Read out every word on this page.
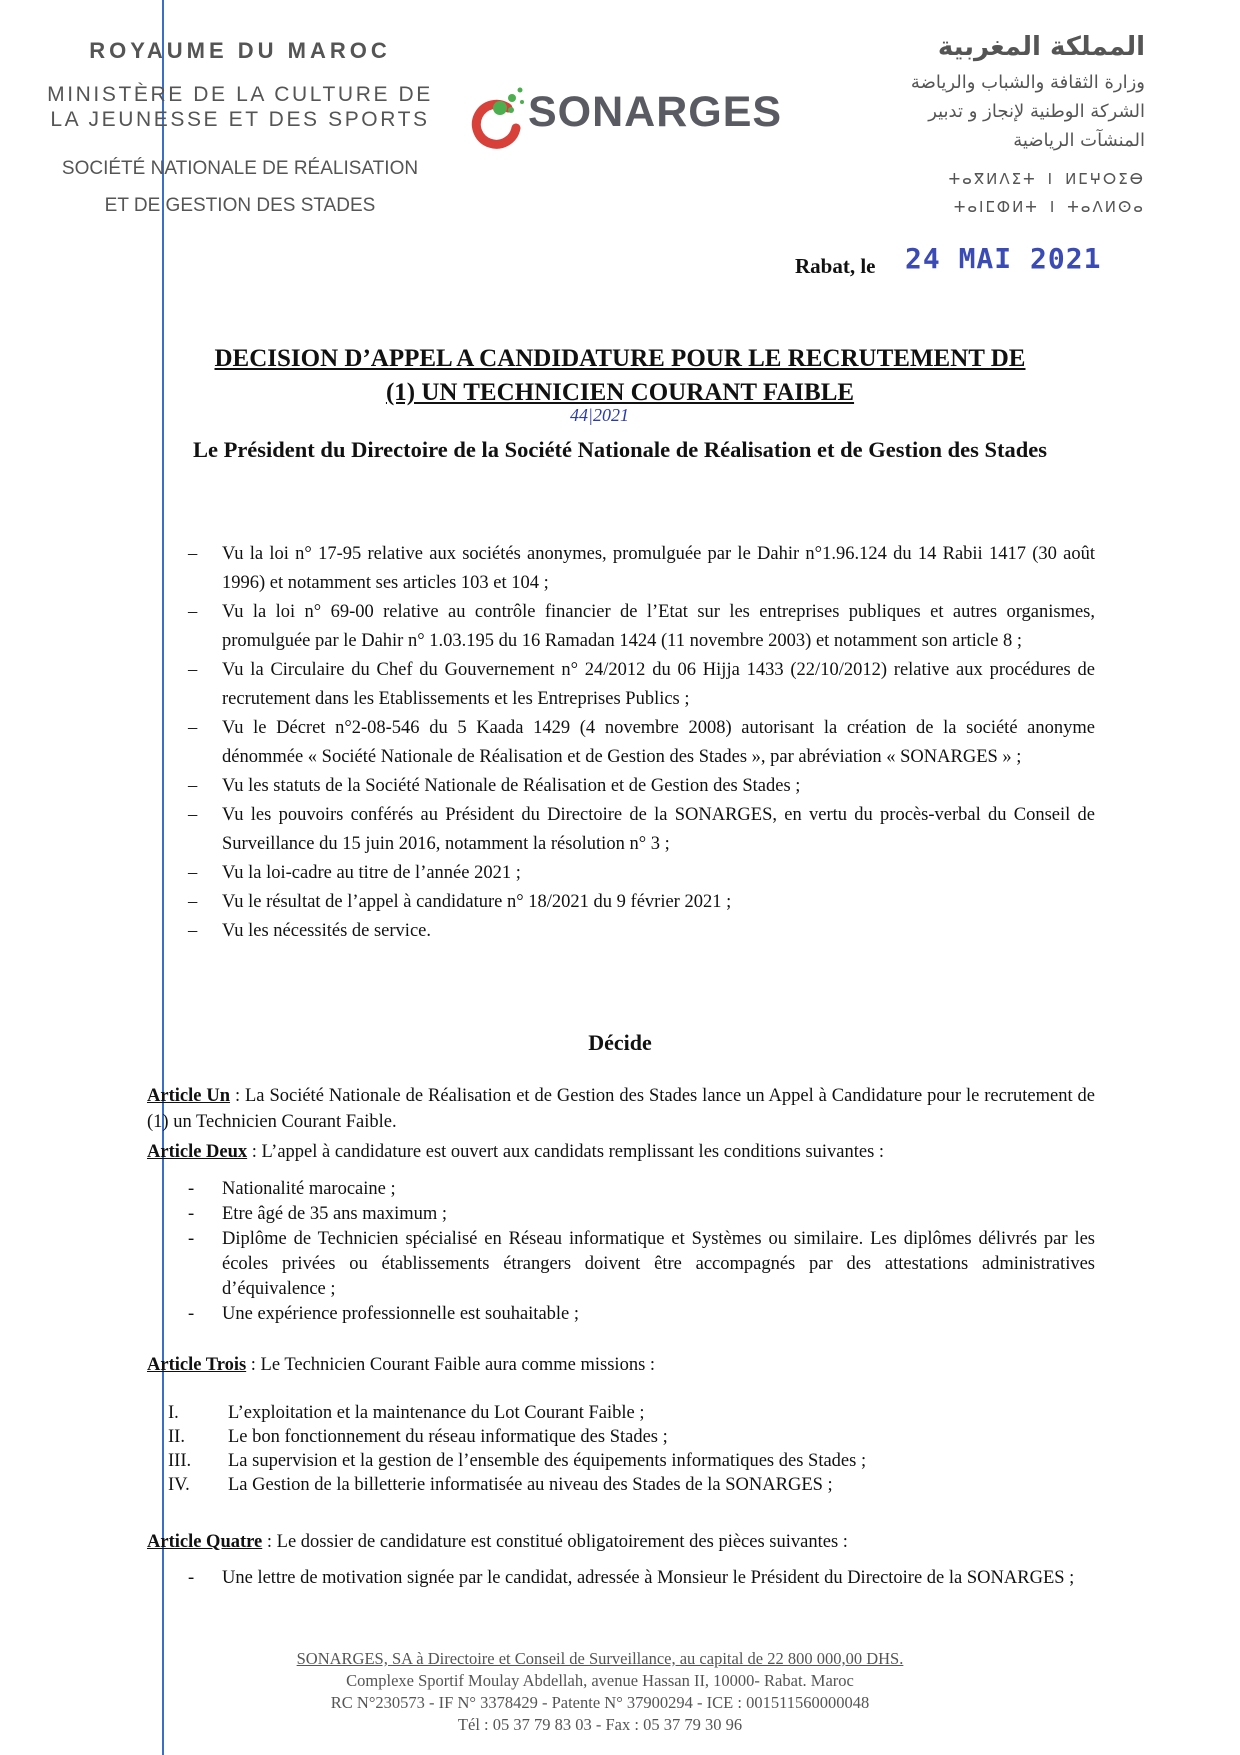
ROYAUME DU MAROC
MINISTÈRE DE LA CULTURE DE
LA JEUNESSE ET DES SPORTS
SOCIÉTÉ NATIONALE DE RÉALISATION
ET DE GESTION DES STADES
SONARGES
المملكة المغربية
وزارة الثقافة والشباب والرياضة
الشركة الوطنية لإنجاز و تدبير
المنشآت الرياضية
ⵜⴰⴳⵍⴷⵉⵜ ⵏ ⵍⵎⵖⵔⵉⴱ
ⵜⴰⵏⵎⵀⵍⵜ ⵏ ⵜⴰⴷⵍⵙⴰ
Rabat, le 24 MAI 2021
DECISION D’APPEL A CANDIDATURE POUR LE RECRUTEMENT DE
(1) UN TECHNICIEN COURANT FAIBLE
44|2021
Le Président du Directoire de la Société Nationale de Réalisation et de Gestion des Stades
– Vu la loi n° 17-95 relative aux sociétés anonymes, promulguée par le Dahir n°1.96.124 du 14 Rabii 1417 (30 août 1996) et notamment ses articles 103 et 104 ;
– Vu la loi n° 69-00 relative au contrôle financier de l’Etat sur les entreprises publiques et autres organismes, promulguée par le Dahir n° 1.03.195 du 16 Ramadan 1424 (11 novembre 2003) et notamment son article 8 ;
– Vu la Circulaire du Chef du Gouvernement n° 24/2012 du 06 Hijja 1433 (22/10/2012) relative aux procédures de recrutement dans les Etablissements et les Entreprises Publics ;
– Vu le Décret n°2-08-546 du 5 Kaada 1429 (4 novembre 2008) autorisant la création de la société anonyme dénommée « Société Nationale de Réalisation et de Gestion des Stades », par abréviation « SONARGES » ;
– Vu les statuts de la Société Nationale de Réalisation et de Gestion des Stades ;
– Vu les pouvoirs conférés au Président du Directoire de la SONARGES, en vertu du procès-verbal du Conseil de Surveillance du 15 juin 2016, notamment la résolution n° 3 ;
– Vu la loi-cadre au titre de l’année 2021 ;
– Vu le résultat de l’appel à candidature n° 18/2021 du 9 février 2021 ;
– Vu les nécessités de service.
Décide
Article Un : La Société Nationale de Réalisation et de Gestion des Stades lance un Appel à Candidature pour le recrutement de (1) un Technicien Courant Faible.
Article Deux : L’appel à candidature est ouvert aux candidats remplissant les conditions suivantes :
- Nationalité marocaine ;
- Etre âgé de 35 ans maximum ;
- Diplôme de Technicien spécialisé en Réseau informatique et Systèmes ou similaire. Les diplômes délivrés par les écoles privées ou établissements étrangers doivent être accompagnés par des attestations administratives d’équivalence ;
- Une expérience professionnelle est souhaitable ;
Article Trois : Le Technicien Courant Faible aura comme missions :
I.	L’exploitation et la maintenance du Lot Courant Faible ;
II.	Le bon fonctionnement du réseau informatique des Stades ;
III.	La supervision et la gestion de l’ensemble des équipements informatiques des Stades ;
IV.	La Gestion de la billetterie informatisée au niveau des Stades de la SONARGES ;
Article Quatre : Le dossier de candidature est constitué obligatoirement des pièces suivantes :
- Une lettre de motivation signée par le candidat, adressée à Monsieur le Président du Directoire de la SONARGES ;
SONARGES, SA à Directoire et Conseil de Surveillance, au capital de 22 800 000,00 DHS.
Complexe Sportif Moulay Abdellah, avenue Hassan II, 10000- Rabat. Maroc
RC N°230573 - IF N° 3378429 - Patente N° 37900294 - ICE : 001511560000048
Tél : 05 37 79 83 03 - Fax : 05 37 79 30 96
